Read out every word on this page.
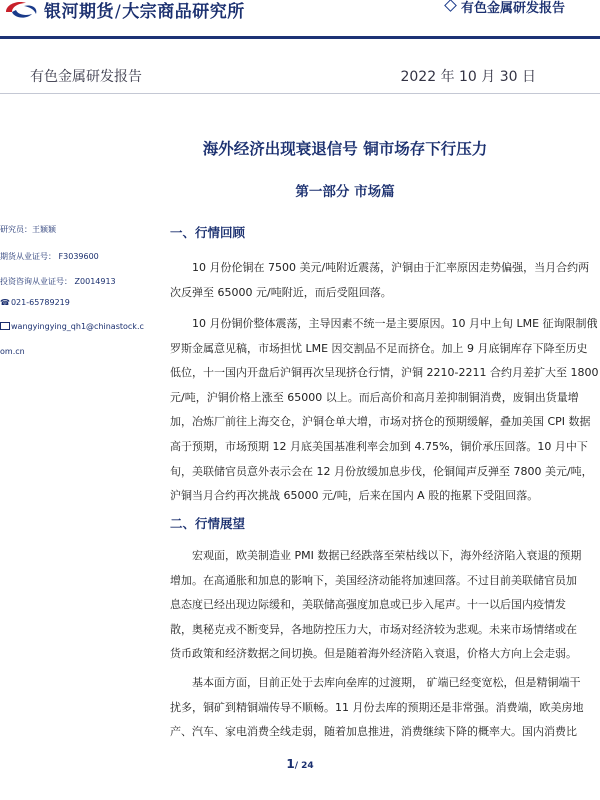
银河期货/大宗商品研究所	有色金属研发报告
有色金属研发报告	2022 年 10 月 30 日
海外经济出现衰退信号 铜市场存下行压力
第一部分 市场篇
研究员：王颖颖
期货从业证号： F3039600
投资咨询从业证号： Z0014913
☎021-65789219
wangyingying_qh1@chinastock.c
om.cn
一、行情回顾
10 月份伦铜在 7500 美元/吨附近震荡，沪铜由于汇率原因走势偏强，当月合约两
次反弹至 65000 元/吨附近，而后受阻回落。
10 月份铜价整体震荡，主导因素不统一是主要原因。10 月中上旬 LME 征询限制俄
罗斯金属意见稿，市场担忧 LME 因交割品不足而挤仓。加上 9 月底铜库存下降至历史
低位，十一国内开盘后沪铜再次呈现挤仓行情，沪铜 2210-2211 合约月差扩大至 1800
元/吨，沪铜价格上涨至 65000 以上。而后高价和高月差抑制铜消费，废铜出货量增
加，冶炼厂前往上海交仓，沪铜仓单大增，市场对挤仓的预期缓解，叠加美国 CPI 数据
高于预期，市场预期 12 月底美国基准利率会加到 4.75%，铜价承压回落。10 月中下
旬，美联储官员意外表示会在 12 月份放缓加息步伐，伦铜闻声反弹至 7800 美元/吨，
沪铜当月合约再次挑战 65000 元/吨，后来在国内 A 股的拖累下受阻回落。
二、行情展望
宏观面，欧美制造业 PMI 数据已经跌落至荣枯线以下，海外经济陷入衰退的预期
增加。在高通胀和加息的影响下，美国经济动能将加速回落。不过目前美联储官员加
息态度已经出现边际缓和，美联储高强度加息或已步入尾声。十一以后国内疫情发
散，奥秘克戎不断变异，各地防控压力大，市场对经济较为悲观。未来市场情绪或在
货币政策和经济数据之间切换。但是随着海外经济陷入衰退，价格大方向上会走弱。
基本面方面，目前正处于去库向垒库的过渡期， 矿端已经变宽松，但是精铜端干
扰多，铜矿到精铜端传导不顺畅。11 月份去库的预期还是非常强。消费端，欧美房地
产、汽车、家电消费全线走弱，随着加息推进，消费继续下降的概率大。国内消费比
1/ 24
